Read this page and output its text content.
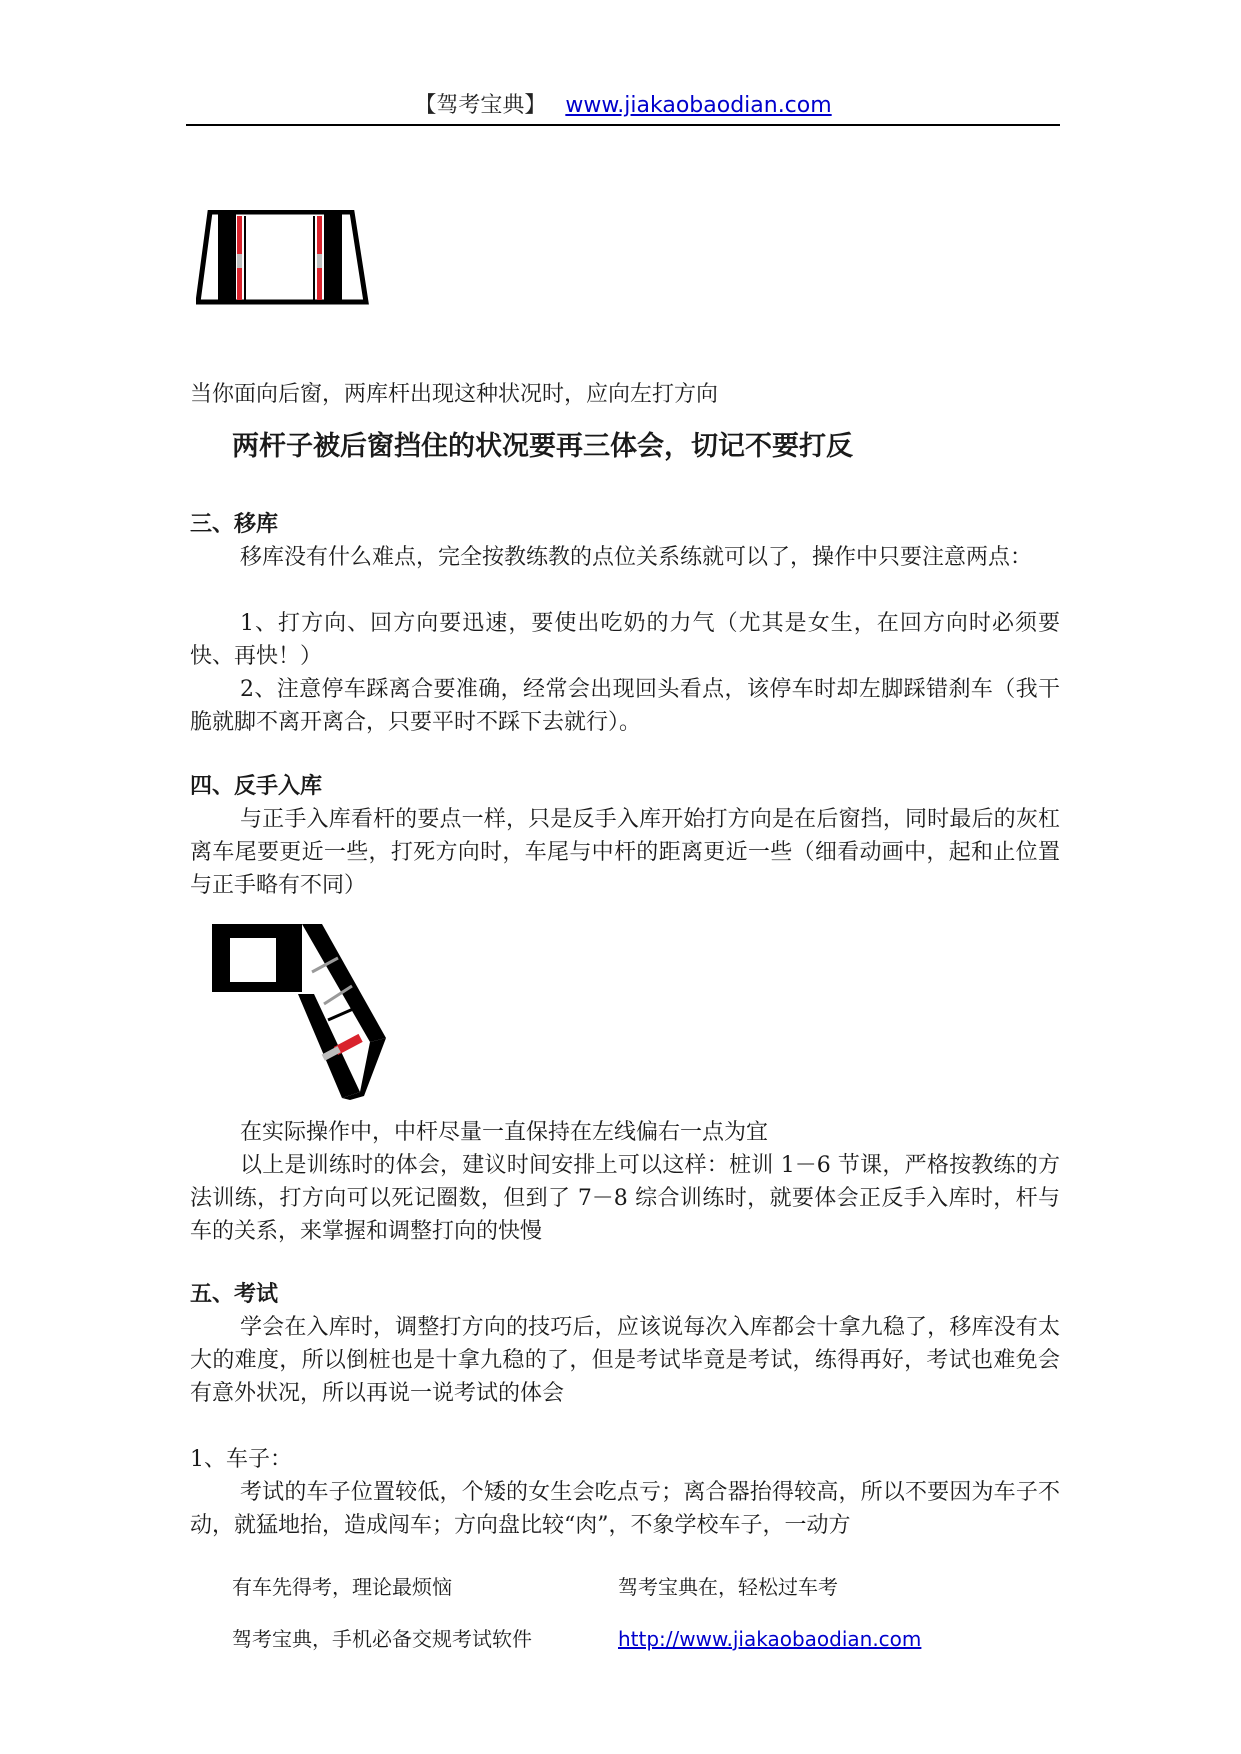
【驾考宝典】 www.jiakaobaodian.com
当你面向后窗，两库杆出现这种状况时，应向左打方向
两杆子被后窗挡住的状况要再三体会，切记不要打反
三、移库
移库没有什么难点，完全按教练教的点位关系练就可以了，操作中只要注意两点：
1、打方向、回方向要迅速，要使出吃奶的力气（尤其是女生，在回方向时必须要快、再快！）
2、注意停车踩离合要准确，经常会出现回头看点，该停车时却左脚踩错刹车（我干脆就脚不离开离合，只要平时不踩下去就行）。
四、反手入库
与正手入库看杆的要点一样，只是反手入库开始打方向是在后窗挡，同时最后的灰杠离车尾要更近一些，打死方向时，车尾与中杆的距离更近一些（细看动画中，起和止位置与正手略有不同）
在实际操作中，中杆尽量一直保持在左线偏右一点为宜
以上是训练时的体会，建议时间安排上可以这样：桩训 1－6 节课，严格按教练的方法训练，打方向可以死记圈数，但到了 7－8 综合训练时，就要体会正反手入库时，杆与车的关系，来掌握和调整打向的快慢
五、考试
学会在入库时，调整打方向的技巧后，应该说每次入库都会十拿九稳了，移库没有太大的难度，所以倒桩也是十拿九稳的了，但是考试毕竟是考试，练得再好，考试也难免会有意外状况，所以再说一说考试的体会
1、车子：
考试的车子位置较低，个矮的女生会吃点亏；离合器抬得较高，所以不要因为车子不动，就猛地抬，造成闯车；方向盘比较“肉”，不象学校车子，一动方
有车先得考，理论最烦恼	驾考宝典在，轻松过车考
驾考宝典，手机必备交规考试软件	http://www.jiakaobaodian.com
